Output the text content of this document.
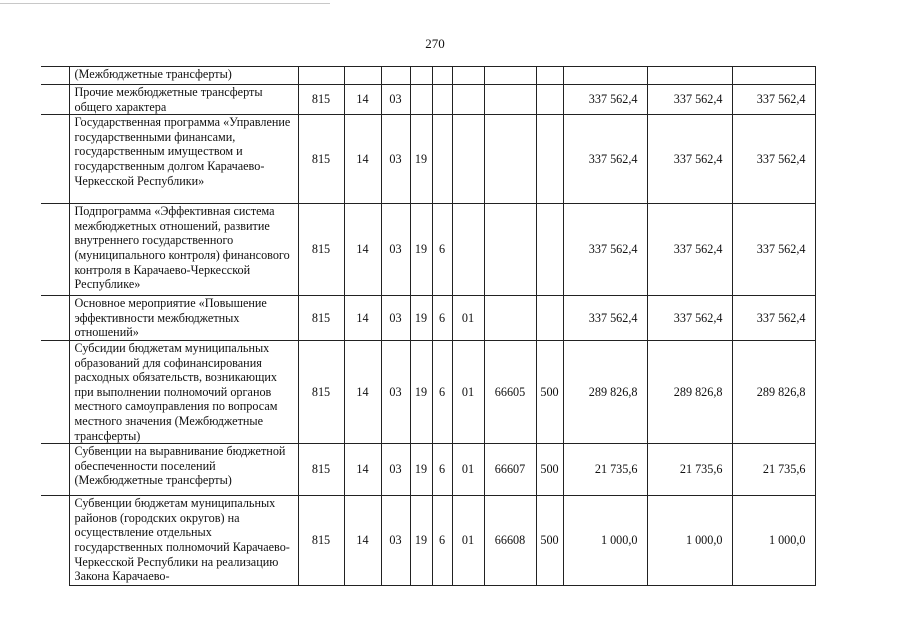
270
	(Межбюджетные трансферты)											
	Прочие межбюджетные трансферты общего характера	815	14	03						337 562,4	337 562,4	337 562,4
	Государственная программа «Управление государственными финансами, государственным имуществом и государственным долгом Карачаево-Черкесской Республики»	815	14	03	19					337 562,4	337 562,4	337 562,4
	Подпрограмма «Эффективная система межбюджетных отношений, развитие внутреннего государственного (муниципального контроля) финансового контроля в Карачаево-Черкесской Республике»	815	14	03	19	6				337 562,4	337 562,4	337 562,4
	Основное мероприятие «Повышение эффективности межбюджетных отношений»	815	14	03	19	6	01			337 562,4	337 562,4	337 562,4
	Субсидии бюджетам муниципальных образований для софинансирования расходных обязательств, возникающих при выполнении полномочий органов местного самоуправления по вопросам местного значения (Межбюджетные трансферты)	815	14	03	19	6	01	66605	500	289 826,8	289 826,8	289 826,8
	Субвенции на выравнивание бюджетной обеспеченности поселений (Межбюджетные трансферты)	815	14	03	19	6	01	66607	500	21 735,6	21 735,6	21 735,6
	Субвенции бюджетам муниципальных районов (городских округов) на осуществление отдельных государственных полномочий Карачаево-Черкесской Республики на реализацию Закона Карачаево-	815	14	03	19	6	01	66608	500	1 000,0	1 000,0	1 000,0
